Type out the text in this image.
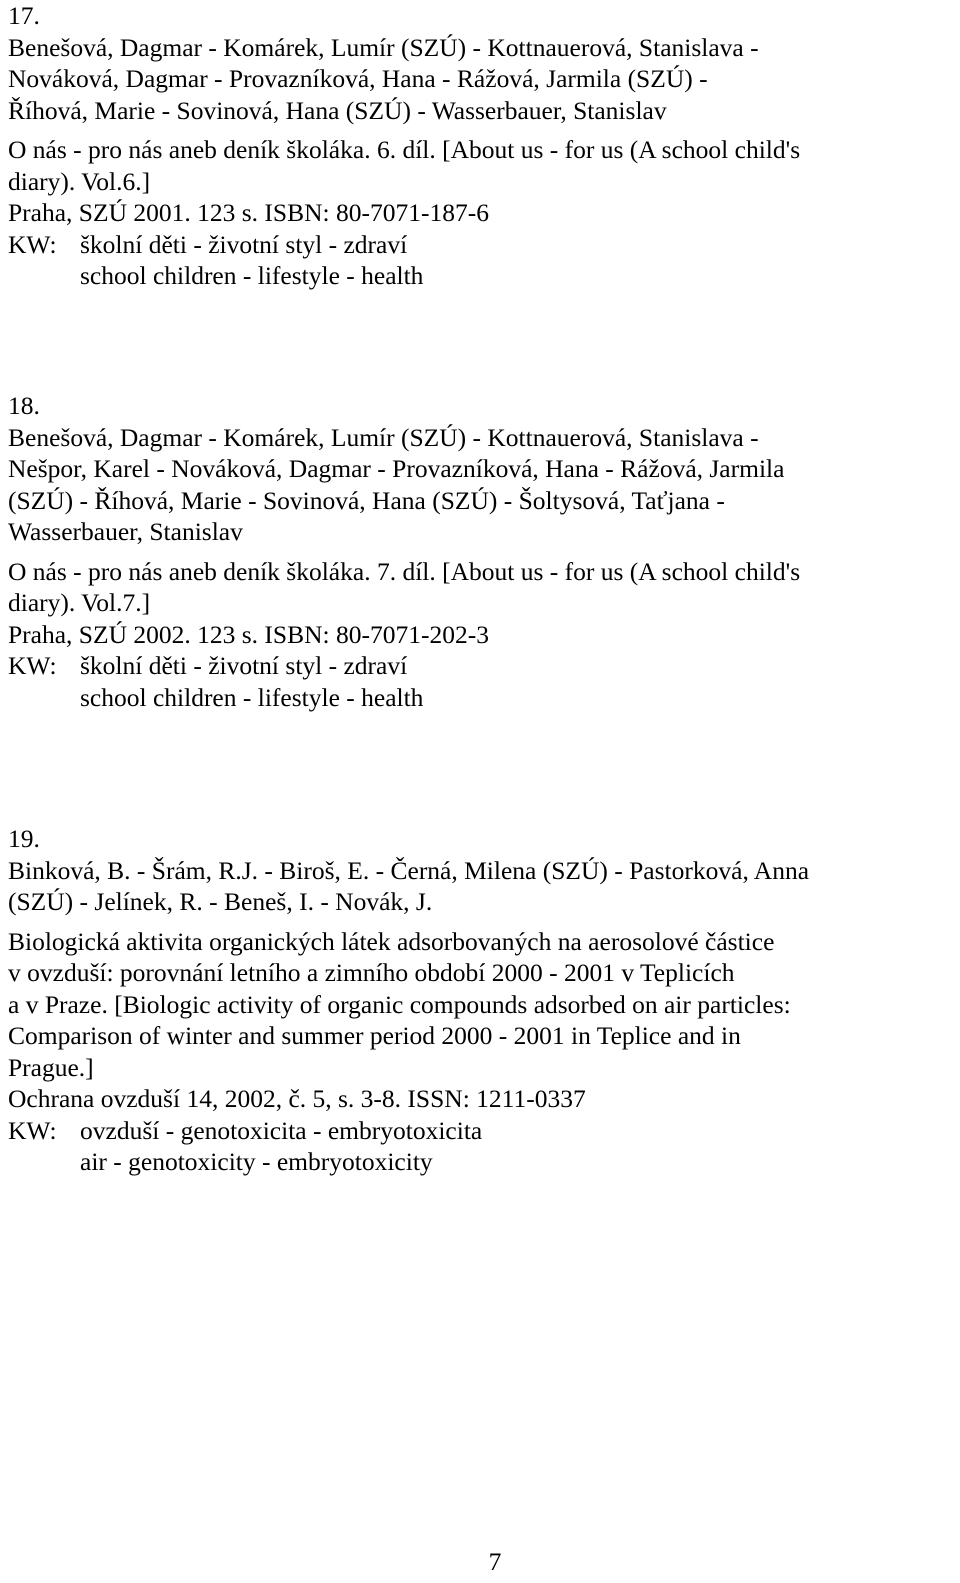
17.
Benešová, Dagmar - Komárek, Lumír (SZÚ) - Kottnauerová, Stanislava -
Nováková, Dagmar - Provazníková, Hana - Rážová, Jarmila (SZÚ) -
Říhová, Marie - Sovinová, Hana (SZÚ) - Wasserbauer, Stanislav
O nás - pro nás aneb deník školáka. 6. díl. [About us - for us (A school child's
diary). Vol.6.]
Praha, SZÚ 2001. 123 s. ISBN: 80-7071-187-6
KW: školní děti - životní styl - zdraví
school children - lifestyle - health
18.
Benešová, Dagmar - Komárek, Lumír (SZÚ) - Kottnauerová, Stanislava -
Nešpor, Karel - Nováková, Dagmar - Provazníková, Hana - Rážová, Jarmila
(SZÚ) - Říhová, Marie - Sovinová, Hana (SZÚ) - Šoltysová, Taťjana -
Wasserbauer, Stanislav
O nás - pro nás aneb deník školáka. 7. díl. [About us - for us (A school child's
diary). Vol.7.]
Praha, SZÚ 2002. 123 s. ISBN: 80-7071-202-3
KW: školní děti - životní styl - zdraví
school children - lifestyle - health
19.
Binková, B. - Šrám, R.J. - Biroš, E. - Černá, Milena (SZÚ) - Pastorková, Anna
(SZÚ) - Jelínek, R. - Beneš, I. - Novák, J.
Biologická aktivita organických látek adsorbovaných na aerosolové částice
v ovzduší: porovnání letního a zimního období 2000 - 2001 v Teplicích
a v Praze. [Biologic activity of organic compounds adsorbed on air particles:
Comparison of winter and summer period 2000 - 2001 in Teplice and in
Prague.]
Ochrana ovzduší 14, 2002, č. 5, s. 3-8. ISSN: 1211-0337
KW: ovzduší - genotoxicita - embryotoxicita
air - genotoxicity - embryotoxicity
7
